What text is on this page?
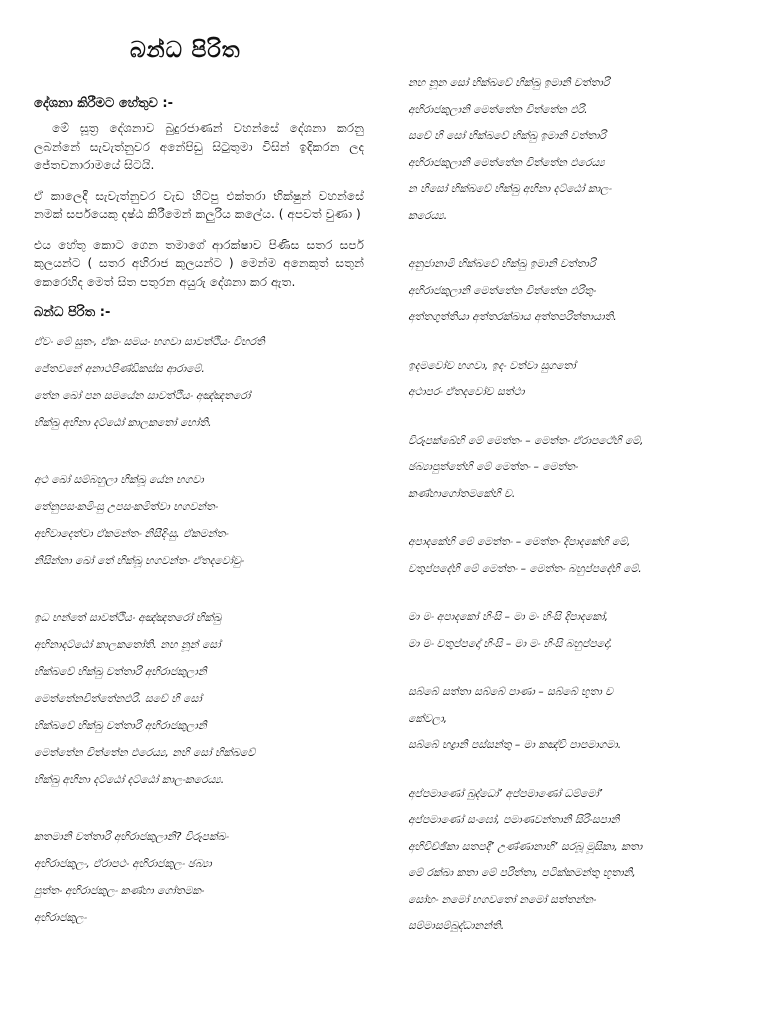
බන්ධ පිරිත
දේශනා කිරීමට හේතුව :-

මේ සූත්‍ර දේශනාව බුදුරජාණන් වහන්සේ දේශනා කරනු ලබන්නේ සැවැත්නුවර අනේපිඩු සිටුතුමා විසින් ඉදිකරන ලද ජේතවනාරාමයේ සිටයි.

ඒ කාලෙදී සැවැත්නුවර වැඩ හිටපු එක්තරා භික්ෂුන් වහන්සේ නමක් සර්පයෙකු දෂ්ඨ කිරීමෙන් කලුරිය කලේය. ( අපවත් වුණා )

එය හේතු කොට ගෙන තමාගේ ආරක්ෂාව පිණිස සතර සර්ප කුලයන්ට ( සතර අහිරාජ කුලයන්ට ) මෙන්ම අනෙකුත් සතුන් කෙරෙහිද මෙත් සිත පතුරන අයුරු දේශනා කර ඇත.

බන්ධ පිරිත :-
ඒවං මේ සුතං, ඒකං සමයං භගවා සාවත්ථියං විහරති
ජේතවනේ අනාථපිණ්ඩිකස්ස ආරාමේ.
තේන ඛෝ පන සමයේන සාවත්ථියං අඤ්ඤතරෝ
භික්ඛු අහිනා දට්ඨෝ කාලකතෝ හෝති.
අථ ඛෝ සම්බහුලා භික්ඛූ යේන භගවා
තේනුපසංකමිංසු උපසංකමිත්වා භගවන්තං
අභිවාදෙත්වා ඒකමන්තං නිසීදිංසු. ඒකමන්තං
නිසින්නා ඛෝ තේ භික්ඛූ භගවන්තං ඒතදවෝචුං
ඉධ භන්තේ සාවත්ථියං අඤ්ඤතරෝ භික්ඛු
අහිනාදට්ඨෝ කාලකතෝති. නහ නූන් සෝ
භික්ඛවේ භික්ඛු චත්තාරි අහිරාජකුලානි
මෙත්තේනචිත්තේනඵරි. සචේ හි සෝ
භික්ඛවේ භික්ඛු චත්තාරි අහිරාජකුලානි
මෙත්තේන චිත්තේන ඵරෙය්‍ය, නහි සෝ භික්ඛවේ
භික්ඛු අහිනා දට්ඨෝ දට්ඨෝ කාලංකරෙය්‍ය.
කතමානි චත්තාරි අහිරාජකුලානි? විරූපක්ඛං
අහිරාජකුලං, ඒරාපථං අහිරාජකුලං ඡබ්‍යා
පුත්තං අහිරාජකුලං කණ්හා ගෝතමකං
අහිරාජකුලං
නහ නූන සෝ භික්ඛවේ භික්ඛු ඉමානි චත්තාරි
අහිරාජකුලානි මෙත්තේන චිත්තේන ඵරි.
සචේ හි සෝ භික්ඛවේ භික්ඛු ඉමානි චත්තාරි
අහිරාජකුලානි මෙත්තේන චිත්තේන ඵරෙය්‍ය
න හිසෝ භික්ඛවේ භික්ඛු අහිනා දට්ඨෝ කාලං
කරෙය්‍ය.
අනුජානාමි භික්ඛවේ භික්ඛු ඉමානි චත්තාරි
අහිරාජකුලානි මෙත්තේන චිත්තේන ඵරිතුං
අත්තගුත්තියා අත්තරක්ඛාය අත්තපරිත්තායාති.
ඉදමවෝච භගවා, ඉදං වත්වා සුගතෝ
අථාපරං ඒතදවෝච සත්ථා
විරූපක්ඛේහි මේ මෙත්තං – මෙත්තං ඒරාපථේහි මේ,
ඡබ්‍යාපුත්තේහි මේ මෙත්තං – මෙත්තං
කණ්හාගෝතමකේහි ච.
අපාදකේහි මේ මෙත්තං – මෙත්තං දිපාදකේහි මේ,
චතුප්පදේහි මේ මෙත්තං – මෙත්තං බහුප්පදේහි මේ.
මා මං අපාදකෝ හිංසි – මා මං හිංසි දිපාදකෝ,
මා මං චතුප්පදෝ හිංසි – මා මං හිංසි බහුප්පදෝ.
සබ්බේ සත්තා සබ්බේ පාණා – සබ්බේ භූතා ච
කේවලා,
සබ්බේ භද්‍රානි පස්සන්තු – මා කඤ්චි පාපමාගමා.
අප්පමාණෝ බුද්ධෝ’ අප්පමාණෝ ධම්මෝ’
අප්පමාණෝ සංඝෝ, පමාණවන්තානි සිරිංසපානි
අහිවිච්ඡිකා සතපදී’ උණ්ණානාභි’ සරබූ මූසිකා, කතා
මේ රක්ඛා කතා මේ පරිත්තා, පටික්කමන්තු භූතානි,
සෝහං නමෝ භගවතෝ නමෝ සත්තන්නං
සම්මාසම්බුද්ධානන්ති.
